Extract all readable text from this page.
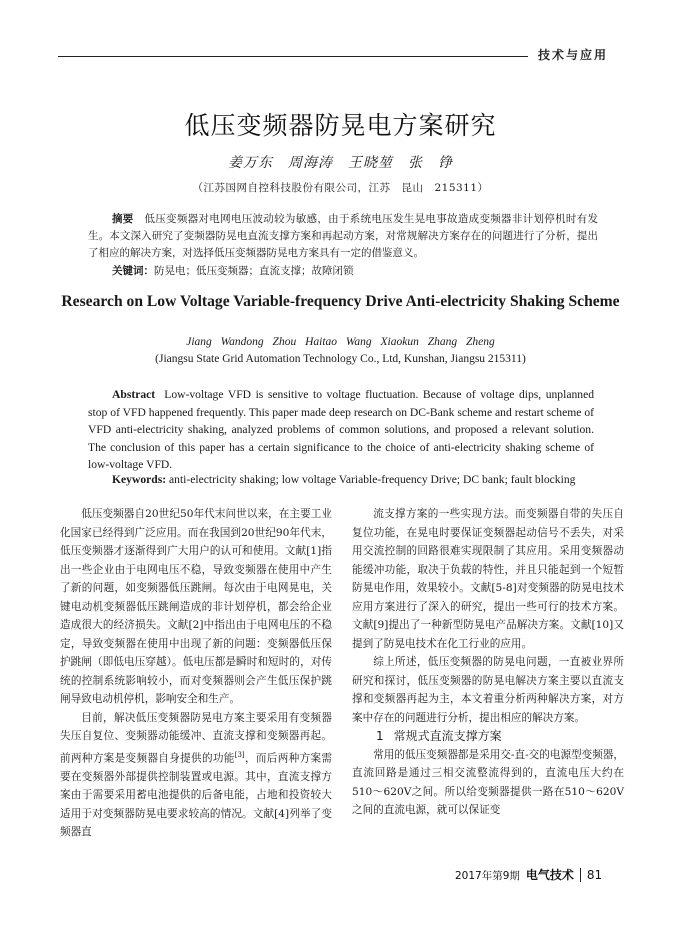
技术与应用
低压变频器防晃电方案研究
姜万东　周海涛　王晓堃　张　铮
（江苏国网自控科技股份有限公司，江苏　昆山　215311）
摘要　 低压变频器对电网电压波动较为敏感，由于系统电压发生晃电事故造成变频器非计划停机时有发生。本文深入研究了变频器防晃电直流支撑方案和再起动方案，对常规解决方案存在的问题进行了分析，提出了相应的解决方案，对选择低压变频器防晃电方案具有一定的借鉴意义。
关键词：防晃电；低压变频器；直流支撑；故障闭锁
Research on Low Voltage Variable-frequency Drive Anti-electricity Shaking Scheme
Jiang Wandong Zhou Haitao Wang Xiaokun Zhang Zheng
(Jiangsu State Grid Automation Technology Co., Ltd, Kunshan, Jiangsu 215311)
Abstract Low-voltage VFD is sensitive to voltage fluctuation. Because of voltage dips, unplanned stop of VFD happened frequently. This paper made deep research on DC-Bank scheme and restart scheme of VFD anti-electricity shaking, analyzed problems of common solutions, and proposed a relevant solution. The conclusion of this paper has a certain significance to the choice of anti-electricity shaking scheme of low-voltage VFD.
Keywords: anti-electricity shaking; low voltage Variable-frequency Drive; DC bank; fault blocking

低压变频器自20世纪50年代末问世以来，在主要工业化国家已经得到广泛应用。而在我国到20世纪90年代末，低压变频器才逐渐得到广大用户的认可和使用。文献[1]指出一些企业由于电网电压不稳，导致变频器在使用中产生了新的问题，如变频器低压跳闸。每次由于电网晃电，关键电动机变频器低压跳闸造成的非计划停机，都会给企业造成很大的经济损失。文献[2]中指出由于电网电压的不稳定，导致变频器在使用中出现了新的问题：变频器低压保护跳闸（即低电压穿越）。低电压都是瞬时和短时的，对传统的控制系统影响较小，而对变频器则会产生低压保护跳闸导致电动机停机，影响安全和生产。

目前，解决低压变频器防晃电方案主要采用有变频器失压自复位、变频器动能缓冲、直流支撑和变频器再起。前两种方案是变频器自身提供的功能[3]，而后两种方案需要在变频器外部提供控制装置或电源。其中，直流支撑方案由于需要采用蓄电池提供的后备电能，占地和投资较大适用于对变频器防晃电要求较高的情况。文献[4]列举了变频器直

流支撑方案的一些实现方法。而变频器自带的失压自复位功能，在晃电时要保证变频器起动信号不丢失，对采用交流控制的回路很难实现限制了其应用。采用变频器动能缓冲功能，取决于负载的特性，并且只能起到一个短暂防晃电作用，效果较小。文献[5-8]对变频器的防晃电技术应用方案进行了深入的研究，提出一些可行的技术方案。文献[9]提出了一种新型防晃电产品解决方案。文献[10]又提到了防晃电技术在化工行业的应用。

综上所述，低压变频器的防晃电问题，一直被业界所研究和探讨，低压变频器的防晃电解决方案主要以直流支撑和变频器再起为主，本文着重分析两种解决方案，对方案中存在的问题进行分析，提出相应的解决方案。

1 常规式直流支撑方案

常用的低压变频器都是采用交-直-交的电源型变频器，直流回路是通过三相交流整流得到的，直流电压大约在510～620V之间。所以给变频器提供一路在510～620V之间的直流电源，就可以保证变

2017年第9期 电气技术 81
